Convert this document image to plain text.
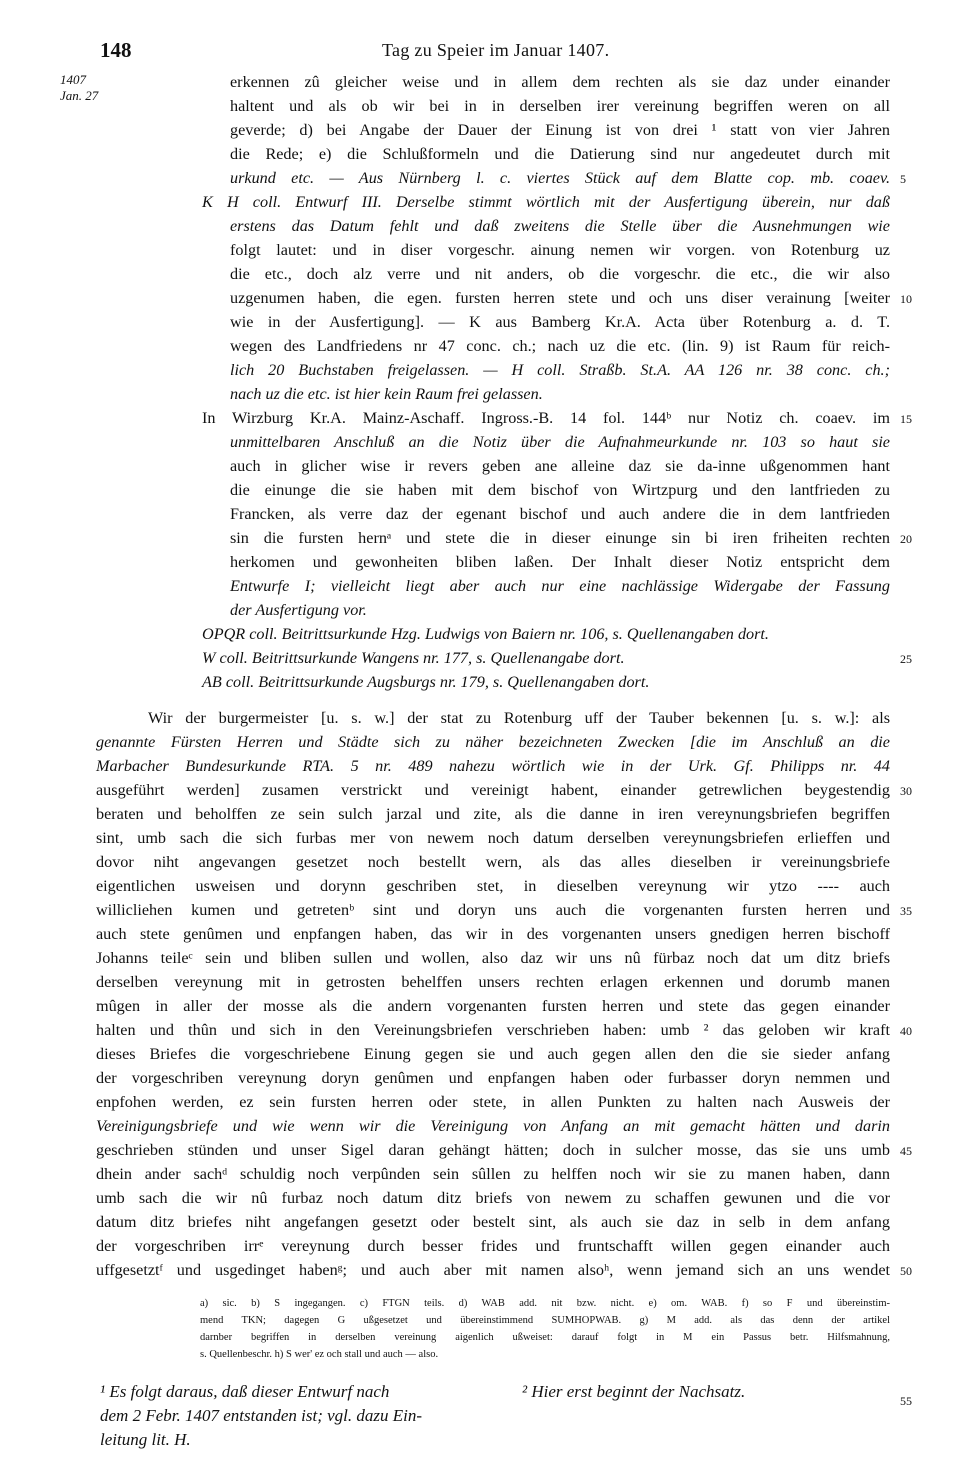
148	Tag zu Speier im Januar 1407.
1407
Jan. 27
erkennen zû gleicher weise und in allem dem rechten als sie daz under einander
haltent und als ob wir bei in in derselben irer vereinung begriffen weren on all
geverde; d) bei Angabe der Dauer der Einung ist von drei ¹ statt von vier Jahren
die Rede; e) die Schlußformeln und die Datierung sind nur angedeutet durch mit
urkund etc. — Aus Nürnberg l. c. viertes Stück auf dem Blatte cop. mb. coaev.
K H coll. Entwurf III. Derselbe stimmt wörtlich mit der Ausfertigung überein, nur daß
erstens das Datum fehlt und daß zweitens die Stelle über die Ausnehmungen wie
folgt lautet: und in diser vorgeschr. ainung nemen wir vorgen. von Rotenburg uz
die etc., doch alz verre und nit anders, ob die vorgeschr. die etc., die wir also
uzgenumen haben, die egen. fursten herren stete und och uns diser verainung [weiter
wie in der Ausfertigung]. — K aus Bamberg Kr.A. Acta über Rotenburg a. d. T.
wegen des Landfriedens nr 47 conc. ch.; nach uz die etc. (lin. 9) ist Raum für reich-
lich 20 Buchstaben freigelassen. — H coll. Straßb. St.A. AA 126 nr. 38 conc. ch.;
nach uz die etc. ist hier kein Raum frei gelassen.
In Wirzburg Kr.A. Mainz-Aschaff. Ingross.-B. 14 fol. 144ᵇ nur Notiz ch. coaev. im
unmittelbaren Anschluß an die Notiz über die Aufnahmeurkunde nr. 103 so haut sie
auch in glicher wise ir revers geben ane alleine daz sie da-inne ußgenommen hant
die einunge die sie haben mit dem bischof von Wirtzpurg und den lantfrieden zu
Francken, als verre daz der egenant bischof und auch andere die in dem lantfrieden
sin die fursten hernᵃ und stete die in dieser einunge sin bi iren friheiten rechten
herkomen und gewonheiten bliben laßen. Der Inhalt dieser Notiz entspricht dem
Entwurfe I; vielleicht liegt aber auch nur eine nachlässige Widergabe der Fassung
der Ausfertigung vor.
OPQR coll. Beitrittsurkunde Hzg. Ludwigs von Baiern nr. 106, s. Quellenangaben dort.
W coll. Beitrittsurkunde Wangens nr. 177, s. Quellenangabe dort.
AB coll. Beitrittsurkunde Augsburgs nr. 179, s. Quellenangaben dort.
Wir der burgermeister [u. s. w.] der stat zu Rotenburg uff der Tauber bekennen [u. s. w.]: als
genannte Fürsten Herren und Städte sich zu näher bezeichneten Zwecken [die im Anschluß an die
Marbacher Bundesurkunde RTA. 5 nr. 489 nahezu wörtlich wie in der Urk. Gf. Philipps nr. 44
ausgeführt werden] zusamen verstrickt und vereinigt habent, einander getrewlichen beygestendig
beraten und beholffen ze sein sulch jarzal und zite, als die danne in iren vereynungsbriefen begriffen
sint, umb sach die sich furbas mer von newem noch datum derselben vereynungsbriefen erlieffen und
dovor niht angevangen gesetzet noch bestellt wern, als das alles dieselben ir vereinungsbriefe
eigentlichen usweisen und dorynn geschriben stet, in dieselben vereynung wir ytzo ---- auch
willicliehen kumen und getretenᵇ sint und doryn uns auch die vorgenanten fursten herren und
auch stete genûmen und enpfangen haben, das wir in des vorgenanten unsers gnedigen herren bischoff
Johanns teileᶜ sein und bliben sullen und wollen, also daz wir uns nû fürbaz noch dat um ditz briefs
derselben vereynung mit in getrosten behelffen unsers rechten erlagen erkennen und dorumb manen
mûgen in aller der mosse als die andern vorgenanten fursten herren und stete das gegen einander
halten und thûn und sich in den Vereinungsbriefen verschrieben haben: umb ² das geloben wir kraft
dieses Briefes die vorgeschriebene Einung gegen sie und auch gegen allen den die sie sieder anfang
der vorgeschriben vereynung doryn genûmen und enpfangen haben oder furbasser doryn nemmen und
enpfohen werden, ez sein fursten herren oder stete, in allen Punkten zu halten nach Ausweis der
Vereinigungsbriefe und wie wenn wir die Vereinigung von Anfang an mit gemacht hätten und darin
geschrieben stünden und unser Sigel daran gehängt hätten; doch in sulcher mosse, das sie uns umb
dhein ander sachᵈ schuldig noch verpûnden sein sûllen zu helffen noch wir sie zu manen haben, dann
umb sach die wir nû furbaz noch datum ditz briefs von newem zu schaffen gewunen und die vor
datum ditz briefes niht angefangen gesetzt oder bestelt sint, als auch sie daz in selb in dem anfang
der vorgeschriben irrᵉ vereynung durch besser frides und fruntschafft willen gegen einander auch
uffgesetztᶠ und usgedinget habenᵍ; und auch aber mit namen alsoʰ, wenn jemand sich an uns wendet
a) sic. b) S ingegangen. c) FTGN teils. d) WAB add. nit bzw. nicht. e) om. WAB. f) so F und übereinstim-
mend TKN; dagegen G ußgesetzet und übereinstimmend SUMHOPWAB. g) M add. als das denn der artikel
darnber begriffen in derselben vereinung aigenlich ußweiset: darauf folgt in M ein Passus betr. Hilfsmahnung,
s. Quellenbeschr. h) S wer' ez och stall und auch — also.
¹ Es folgt daraus, daß dieser Entwurf nach
dem 2 Febr. 1407 entstanden ist; vgl. dazu Ein-
leitung lit. H.
² Hier erst beginnt der Nachsatz.
5
10
15
20
25
30
35
40
45
50
55
